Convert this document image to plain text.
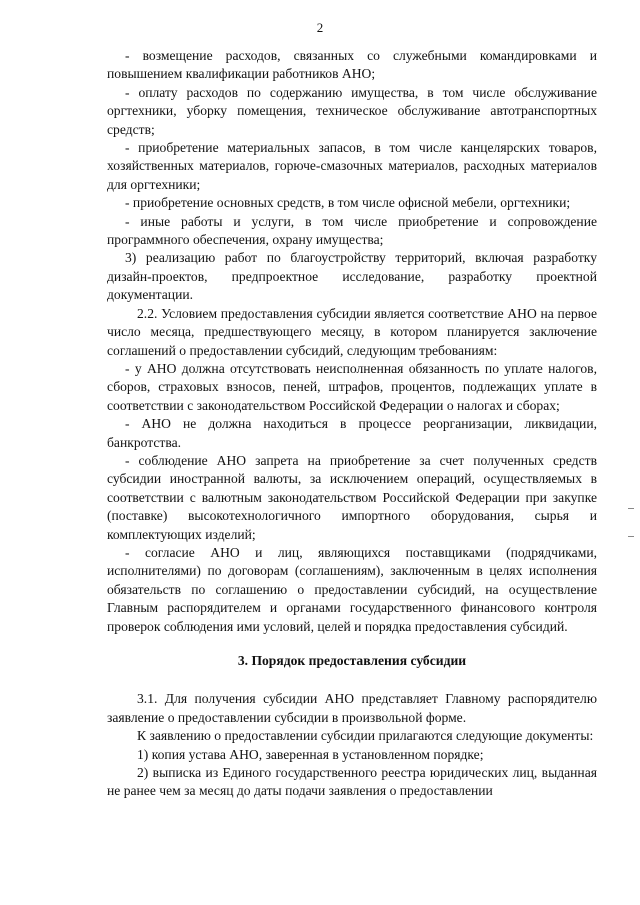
2

- возмещение расходов, связанных со служебными командировками и повышением квалификации работников АНО;

- оплату расходов по содержанию имущества, в том числе обслуживание оргтехники, уборку помещения, техническое обслуживание автотранспортных средств;

- приобретение материальных запасов, в том числе канцелярских товаров, хозяйственных материалов, горюче-смазочных материалов, расходных материалов для оргтехники;

- приобретение основных средств, в том числе офисной мебели, оргтехники;

- иные работы и услуги, в том числе приобретение и сопровождение программного обеспечения, охрану имущества;

3) реализацию работ по благоустройству территорий, включая разработку дизайн-проектов, предпроектное исследование, разработку проектной документации.

2.2. Условием предоставления субсидии является соответствие АНО на первое число месяца, предшествующего месяцу, в котором планируется заключение соглашений о предоставлении субсидий, следующим требованиям:

- у АНО должна отсутствовать неисполненная обязанность по уплате налогов, сборов, страховых взносов, пеней, штрафов, процентов, подлежащих уплате в соответствии с законодательством Российской Федерации о налогах и сборах;

- АНО не должна находиться в процессе реорганизации, ликвидации, банкротства.

- соблюдение АНО запрета на приобретение за счет полученных средств субсидии иностранной валюты, за исключением операций, осуществляемых в соответствии с валютным законодательством Российской Федерации при закупке (поставке) высокотехнологичного импортного оборудования, сырья и комплектующих изделий;

- согласие АНО и лиц, являющихся поставщиками (подрядчиками, исполнителями) по договорам (соглашениям), заключенным в целях исполнения обязательств по соглашению о предоставлении субсидий, на осуществление Главным распорядителем и органами государственного финансового контроля проверок соблюдения ими условий, целей и порядка предоставления субсидий.

3. Порядок предоставления субсидии

3.1. Для получения субсидии АНО представляет Главному распорядителю заявление о предоставлении субсидии в произвольной форме.

К заявлению о предоставлении субсидии прилагаются следующие документы:

1) копия устава АНО, заверенная в установленном порядке;

2) выписка из Единого государственного реестра юридических лиц, выданная не ранее чем за месяц до даты подачи заявления о предоставлении
